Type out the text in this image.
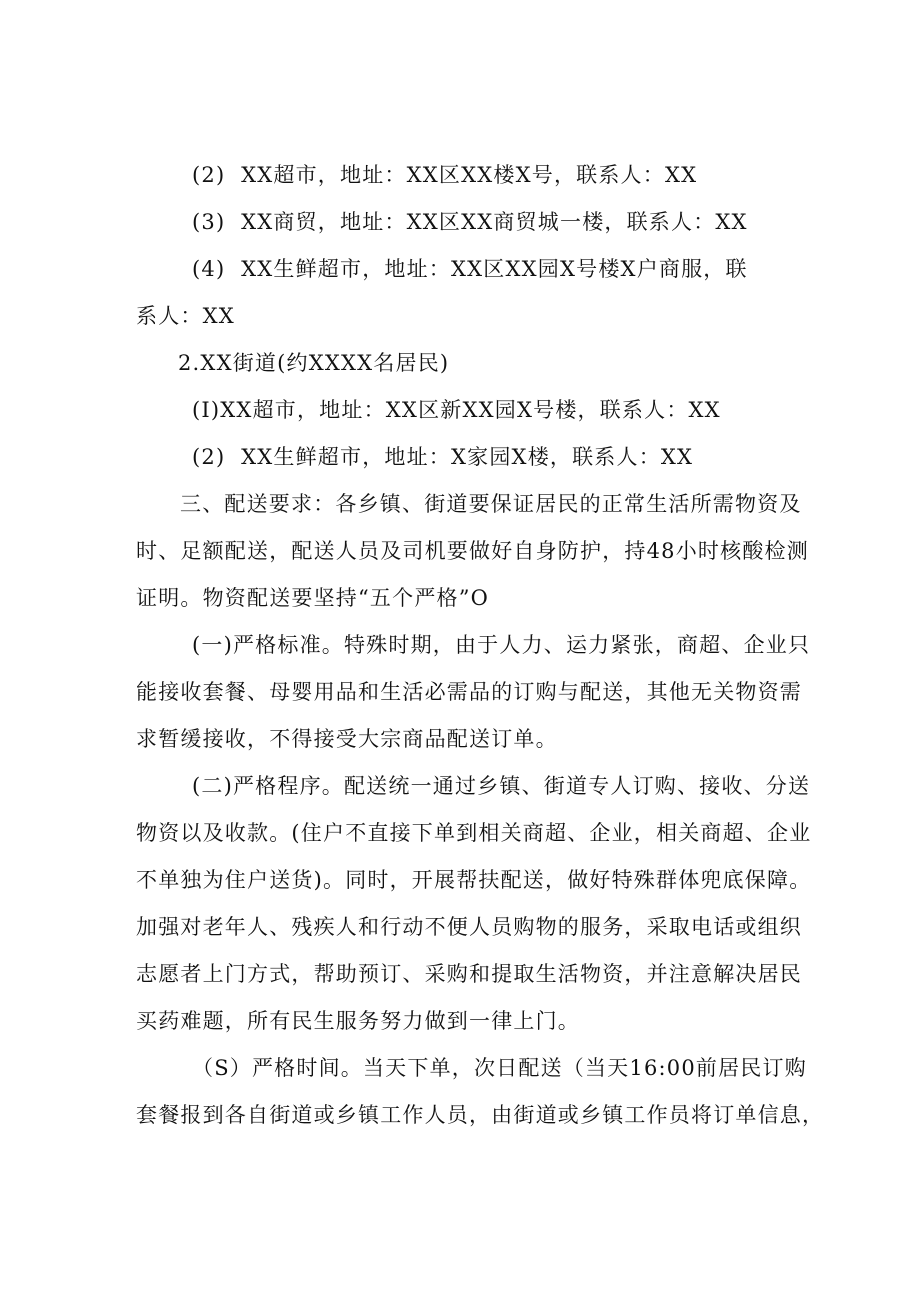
(2)  XX超市，地址：XX区XX楼X号，联系人：XX
(3)  XX商贸，地址：XX区XX商贸城一楼，联系人：XX
(4)  XX生鲜超市，地址：XX区XX园X号楼X户商服，联
系人：XX
2.XX街道(约XXXX名居民)
(I)XX超市，地址：XX区新XX园X号楼，联系人：XX
(2)  XX生鲜超市，地址：X家园X楼，联系人：XX
三、配送要求：各乡镇、街道要保证居民的正常生活所需物资及
时、足额配送，配送人员及司机要做好自身防护，持48小时核酸检测
证明。物资配送要坚持“五个严格”O
(一)严格标准。特殊时期，由于人力、运力紧张，商超、企业只
能接收套餐、母婴用品和生活必需品的订购与配送，其他无关物资需
求暂缓接收，不得接受大宗商品配送订单。
(二)严格程序。配送统一通过乡镇、街道专人订购、接收、分送
物资以及收款。(住户不直接下单到相关商超、企业，相关商超、企业
不单独为住户送货)。同时，开展帮扶配送，做好特殊群体兜底保障。
加强对老年人、残疾人和行动不便人员购物的服务，采取电话或组织
志愿者上门方式，帮助预订、采购和提取生活物资，并注意解决居民
买药难题，所有民生服务努力做到一律上门。
（S）严格时间。当天下单，次日配送（当天16:00前居民订购
套餐报到各自街道或乡镇工作人员，由街道或乡镇工作员将订单信息，
